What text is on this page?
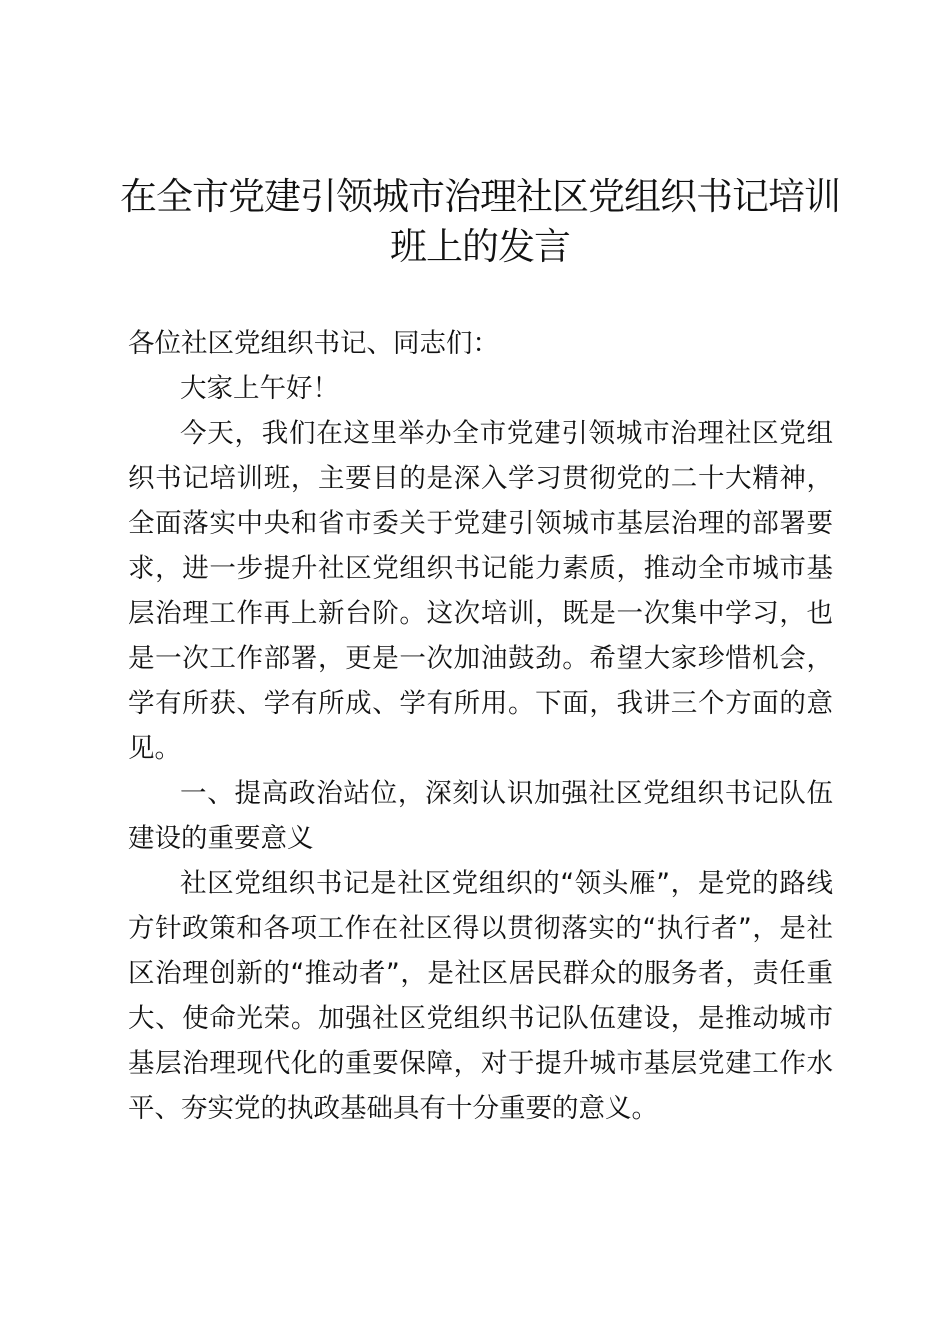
在全市党建引领城市治理社区党组织书记培训
班上的发言

各位社区党组织书记、同志们：

大家上午好！

今天，我们在这里举办全市党建引领城市治理社区党组织书记培训班，主要目的是深入学习贯彻党的二十大精神，全面落实中央和省市委关于党建引领城市基层治理的部署要求，进一步提升社区党组织书记能力素质，推动全市城市基层治理工作再上新台阶。这次培训，既是一次集中学习，也是一次工作部署，更是一次加油鼓劲。希望大家珍惜机会，学有所获、学有所成、学有所用。下面，我讲三个方面的意见。

一、提高政治站位，深刻认识加强社区党组织书记队伍建设的重要意义

社区党组织书记是社区党组织的“领头雁”，是党的路线方针政策和各项工作在社区得以贯彻落实的“执行者”，是社区治理创新的“推动者”，是社区居民群众的服务者，责任重大、使命光荣。加强社区党组织书记队伍建设，是推动城市基层治理现代化的重要保障，对于提升城市基层党建工作水平、夯实党的执政基础具有十分重要的意义。
